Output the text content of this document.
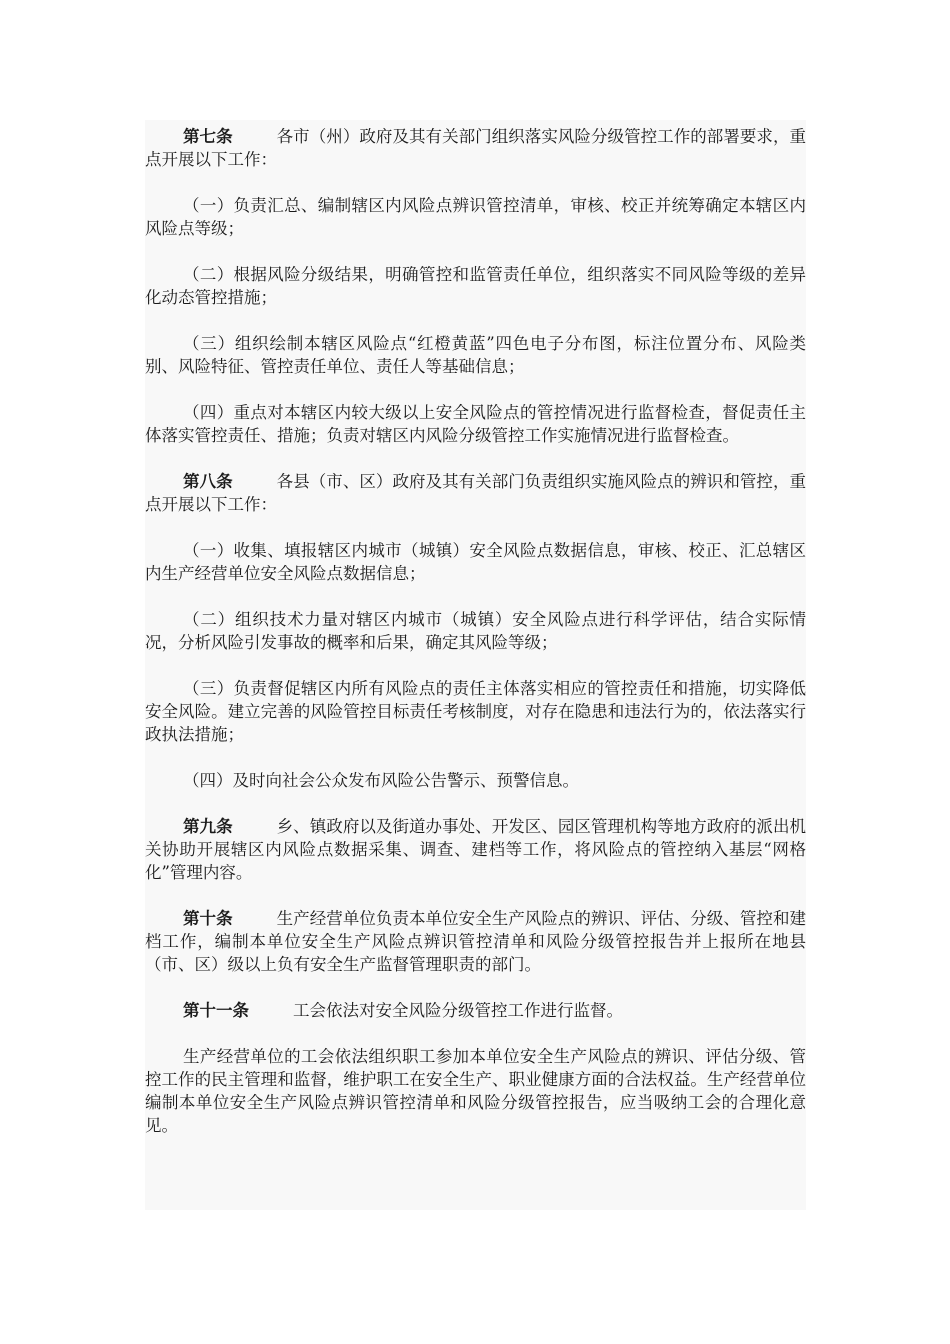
第七条	各市（州）政府及其有关部门组织落实风险分级管控工作的部署要求，重点开展以下工作：

（一）负责汇总、编制辖区内风险点辨识管控清单，审核、校正并统筹确定本辖区内风险点等级；

（二）根据风险分级结果，明确管控和监管责任单位，组织落实不同风险等级的差异化动态管控措施；

（三）组织绘制本辖区风险点“红橙黄蓝”四色电子分布图，标注位置分布、风险类别、风险特征、管控责任单位、责任人等基础信息；

（四）重点对本辖区内较大级以上安全风险点的管控情况进行监督检查，督促责任主体落实管控责任、措施；负责对辖区内风险分级管控工作实施情况进行监督检查。

第八条	各县（市、区）政府及其有关部门负责组织实施风险点的辨识和管控，重点开展以下工作：

（一）收集、填报辖区内城市（城镇）安全风险点数据信息，审核、校正、汇总辖区内生产经营单位安全风险点数据信息；

（二）组织技术力量对辖区内城市（城镇）安全风险点进行科学评估，结合实际情况，分析风险引发事故的概率和后果，确定其风险等级；

（三）负责督促辖区内所有风险点的责任主体落实相应的管控责任和措施，切实降低安全风险。建立完善的风险管控目标责任考核制度，对存在隐患和违法行为的，依法落实行政执法措施；

（四）及时向社会公众发布风险公告警示、预警信息。

第九条	乡、镇政府以及街道办事处、开发区、园区管理机构等地方政府的派出机关协助开展辖区内风险点数据采集、调查、建档等工作，将风险点的管控纳入基层“网格化”管理内容。

第十条	生产经营单位负责本单位安全生产风险点的辨识、评估、分级、管控和建档工作，编制本单位安全生产风险点辨识管控清单和风险分级管控报告并上报所在地县（市、区）级以上负有安全生产监督管理职责的部门。

第十一条	工会依法对安全风险分级管控工作进行监督。

生产经营单位的工会依法组织职工参加本单位安全生产风险点的辨识、评估分级、管控工作的民主管理和监督，维护职工在安全生产、职业健康方面的合法权益。生产经营单位编制本单位安全生产风险点辨识管控清单和风险分级管控报告，应当吸纳工会的合理化意见。
